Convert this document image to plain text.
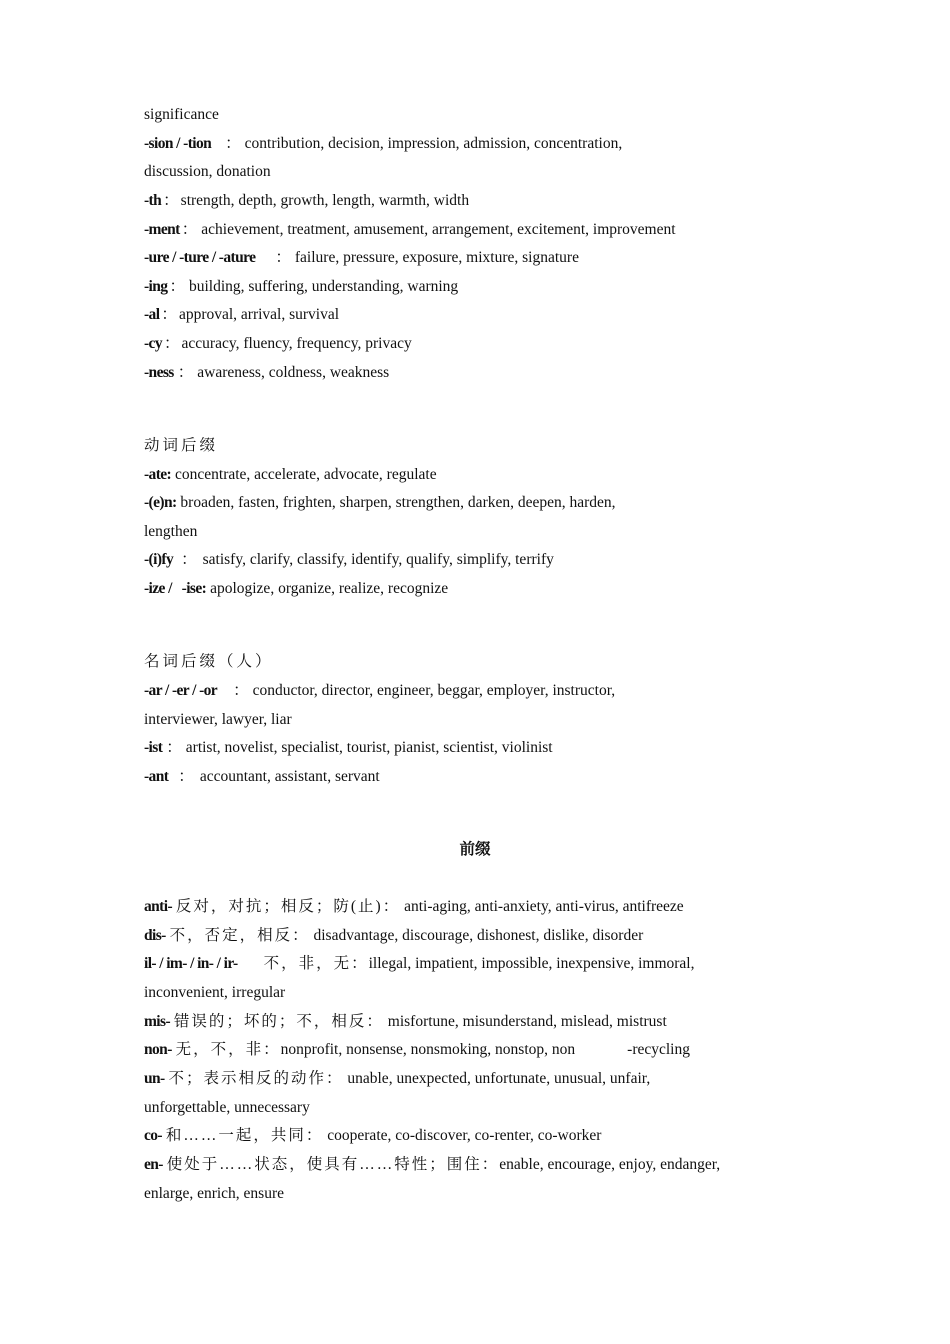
significance
-sion / -tion ： contribution, decision, impression, admission, concentration,
discussion, donation
-th ： strength, depth, growth, length, warmth, width
-ment ： achievement, treatment, amusement, arrangement, excitement, improvement
-ure / -ture / -ature ： failure, pressure, exposure, mixture, signature
-ing ： building, suffering, understanding, warning
-al ： approval, arrival, survival
-cy ： accuracy, fluency, frequency, privacy
-ness ： awareness, coldness, weakness
动词后缀
-ate: concentrate, accelerate, advocate, regulate
-(e)n: broaden, fasten, frighten, sharpen, strengthen, darken, deepen, harden,
lengthen
-(i)fy ： satisfy, clarify, classify, identify, qualify, simplify, terrify
-ize /   -ise: apologize, organize, realize, recognize
名词后缀（人）
-ar / -er / -or ： conductor, director, engineer, beggar, employer, instructor,
interviewer, lawyer, liar
-ist ： artist, novelist, specialist, tourist, pianist, scientist, violinist
-ant ： accountant, assistant, servant
前缀
anti- 反对，对抗；相反；防(止)： anti-aging, anti-anxiety, anti-virus, antifreeze
dis- 不，否定，相反： disadvantage, discourage, dishonest, dislike, disorder
il- / im- / in- / ir- 不，非，无：illegal, impatient, impossible, inexpensive, immoral,
inconvenient, irregular
mis- 错误的；坏的；不，相反： misfortune, misunderstand, mislead, mistrust
non- 无，不，非：nonprofit, nonsense, nonsmoking, nonstop, non	-recycling
un- 不；表示相反的动作： unable, unexpected, unfortunate, unusual, unfair,
unforgettable, unnecessary
co- 和……一起，共同： cooperate, co-discover, co-renter, co-worker
en- 使处于……状态，使具有……特性；围住：enable, encourage, enjoy, endanger,
enlarge, enrich, ensure
